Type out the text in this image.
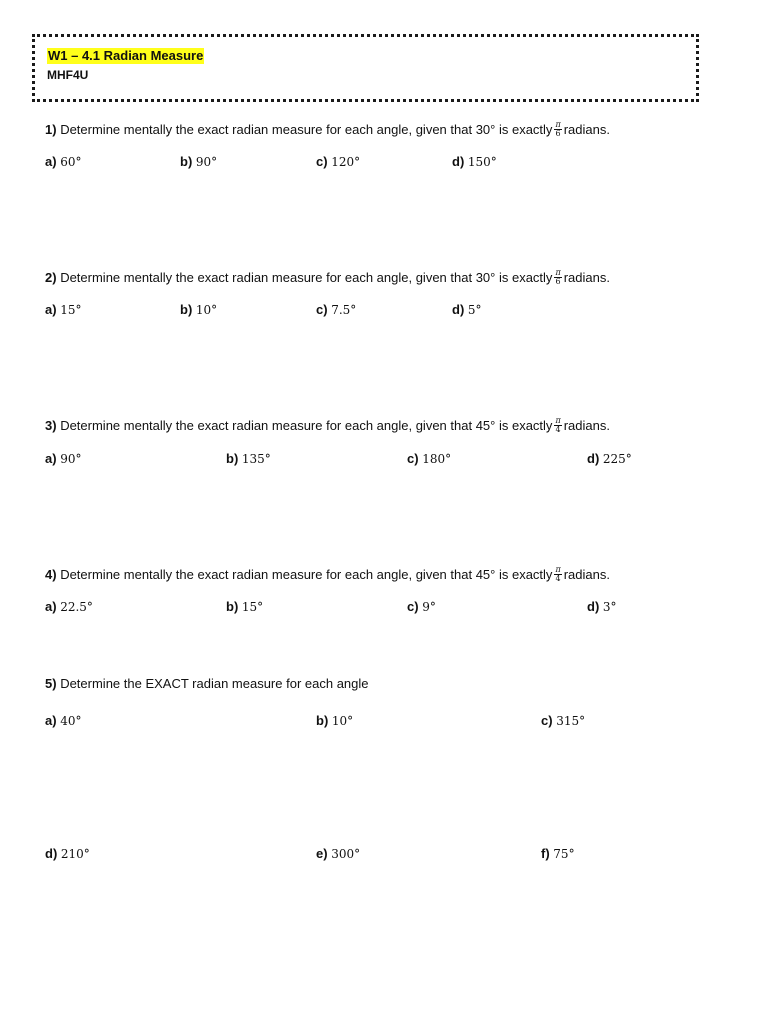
W1 – 4.1 Radian Measure
MHF4U
1) Determine mentally the exact radian measure for each angle, given that 30° is exactly $\frac{\pi}{6}$ radians.
a) 60°	b) 90°	c) 120°	d) 150°
2) Determine mentally the exact radian measure for each angle, given that 30° is exactly $\frac{\pi}{6}$ radians.
a) 15°	b) 10°	c) 7.5°	d) 5°
3) Determine mentally the exact radian measure for each angle, given that 45° is exactly $\frac{\pi}{4}$ radians.
a) 90°	b) 135°	c) 180°	d) 225°
4) Determine mentally the exact radian measure for each angle, given that 45° is exactly $\frac{\pi}{4}$ radians.
a) 22.5°	b) 15°	c) 9°	d) 3°
5) Determine the EXACT radian measure for each angle
a) 40°	b) 10°	c) 315°
d) 210°	e) 300°	f) 75°
